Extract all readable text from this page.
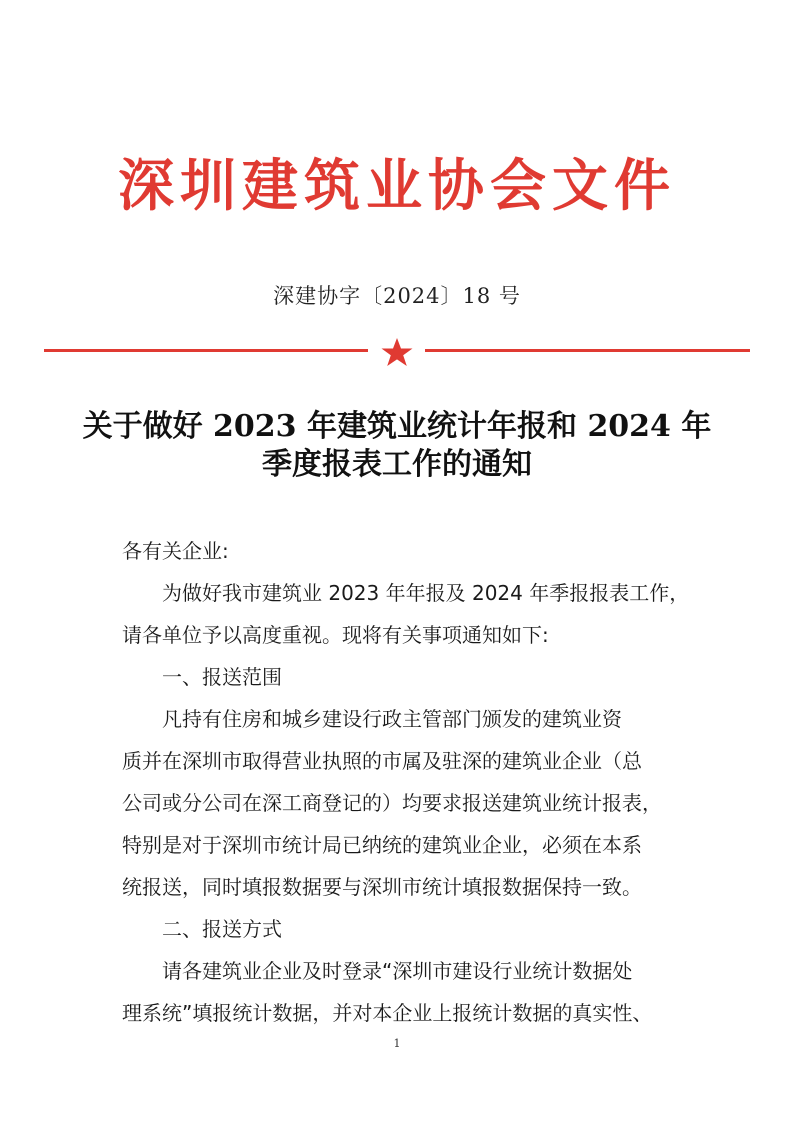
深圳建筑业协会文件
深建协字〔2024〕18 号
关于做好 2023 年建筑业统计年报和 2024 年
季度报表工作的通知
各有关企业:
为做好我市建筑业 2023 年年报及 2024 年季报报表工作，
请各单位予以高度重视。现将有关事项通知如下:
一、报送范围
凡持有住房和城乡建设行政主管部门颁发的建筑业资
质并在深圳市取得营业执照的市属及驻深的建筑业企业（总
公司或分公司在深工商登记的）均要求报送建筑业统计报表，
特别是对于深圳市统计局已纳统的建筑业企业，必须在本系
统报送，同时填报数据要与深圳市统计填报数据保持一致。
二、报送方式
请各建筑业企业及时登录“深圳市建设行业统计数据处
理系统”填报统计数据，并对本企业上报统计数据的真实性、
1
